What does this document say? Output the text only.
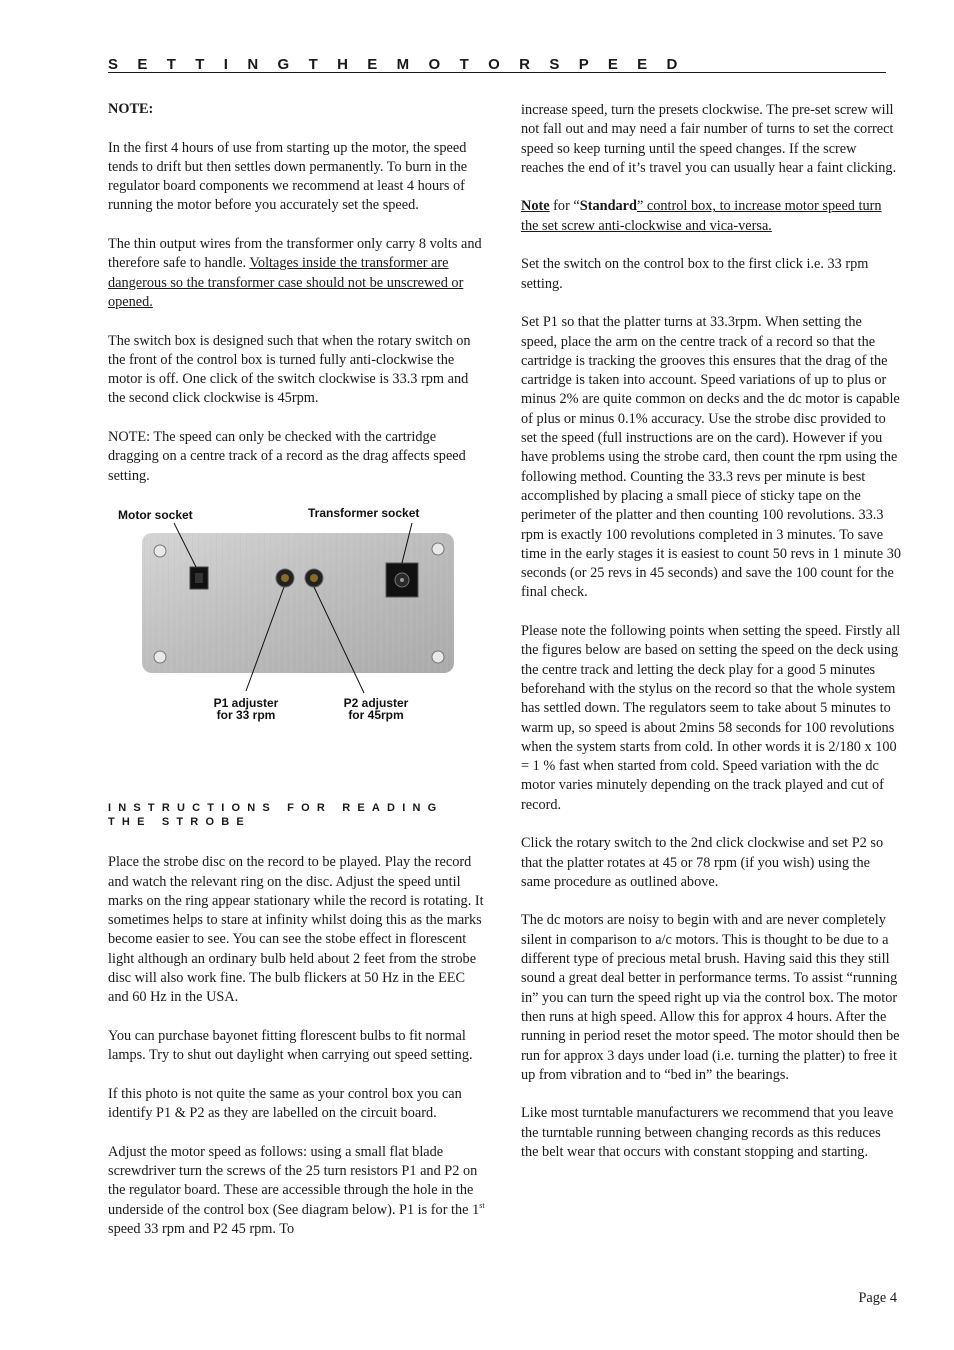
S E T T I N G T H E M O T O R S P E E D

NOTE:

In the first 4 hours of use from starting up the motor, the speed tends to drift but then settles down permanently. To burn in the regulator board components we recommend at least 4 hours of running the motor before you accurately set the speed.

The thin output wires from the transformer only carry 8 volts and therefore safe to handle. Voltages inside the transformer are dangerous so the transformer case should not be unscrewed or opened.

The switch box is designed such that when the rotary switch on the front of the control box is turned fully anti-clockwise the motor is off. One click of the switch clockwise is 33.3 rpm and the second click clockwise is 45rpm.

NOTE: The speed can only be checked with the cartridge dragging on a centre track of a record as the drag affects speed setting.

Motor socket	Transformer socket
P1 adjuster
for 33 rpm
P2 adjuster
for 45rpm
INSTRUCTIONS FOR READING THE STROBE

Place the strobe disc on the record to be played. Play the record and watch the relevant ring on the disc. Adjust the speed until marks on the ring appear stationary while the record is rotating. It sometimes helps to stare at infinity whilst doing this as the marks become easier to see. You can see the stobe effect in florescent light although an ordinary bulb held about 2 feet from the strobe disc will also work fine. The bulb flickers at 50 Hz in the EEC and 60 Hz in the USA.

You can purchase bayonet fitting florescent bulbs to fit normal lamps. Try to shut out daylight when carrying out speed setting.

If this photo is not quite the same as your control box you can identify P1 & P2 as they are labelled on the circuit board.

Adjust the motor speed as follows: using a small flat blade screwdriver turn the screws of the 25 turn resistors P1 and P2 on the regulator board. These are accessible through the hole in the underside of the control box (See diagram below). P1 is for the 1st speed 33 rpm and P2 45 rpm. To

increase speed, turn the presets clockwise. The pre-set screw will not fall out and may need a fair number of turns to set the correct speed so keep turning until the speed changes. If the screw reaches the end of it’s travel you can usually hear a faint clicking.

Note for “Standard” control box, to increase motor speed turn the set screw anti-clockwise and vica-versa.

Set the switch on the control box to the first click i.e. 33 rpm setting.

Set P1 so that the platter turns at 33.3rpm. When setting the speed, place the arm on the centre track of a record so that the cartridge is tracking the grooves this ensures that the drag of the cartridge is taken into account. Speed variations of up to plus or minus 2% are quite common on decks and the dc motor is capable of plus or minus 0.1% accuracy. Use the strobe disc provided to set the speed (full instructions are on the card). However if you have problems using the strobe card, then count the rpm using the following method. Counting the 33.3 revs per minute is best accomplished by placing a small piece of sticky tape on the perimeter of the platter and then counting 100 revolutions. 33.3 rpm is exactly 100 revolutions completed in 3 minutes. To save time in the early stages it is easiest to count 50 revs in 1 minute 30 seconds (or 25 revs in 45 seconds) and save the 100 count for the final check.

Please note the following points when setting the speed. Firstly all the figures below are based on setting the speed on the deck using the centre track and letting the deck play for a good 5 minutes beforehand with the stylus on the record so that the whole system has settled down. The regulators seem to take about 5 minutes to warm up, so speed is about 2mins 58 seconds for 100 revolutions when the system starts from cold. In other words it is 2/180 x 100 = 1 % fast when started from cold. Speed variation with the dc motor varies minutely depending on the track played and cut of record.

Click the rotary switch to the 2nd click clockwise and set P2 so that the platter rotates at 45 or 78 rpm (if you wish) using the same procedure as outlined above.

The dc motors are noisy to begin with and are never completely silent in comparison to a/c motors. This is thought to be due to a different type of precious metal brush. Having said this they still sound a great deal better in performance terms. To assist “running in” you can turn the speed right up via the control box. The motor then runs at high speed. Allow this for approx 4 hours. After the running in period reset the motor speed. The motor should then be run for approx 3 days under load (i.e. turning the platter) to free it up from vibration and to “bed in” the bearings.

Like most turntable manufacturers we recommend that you leave the turntable running between changing records as this reduces the belt wear that occurs with constant stopping and starting.

Page 4
